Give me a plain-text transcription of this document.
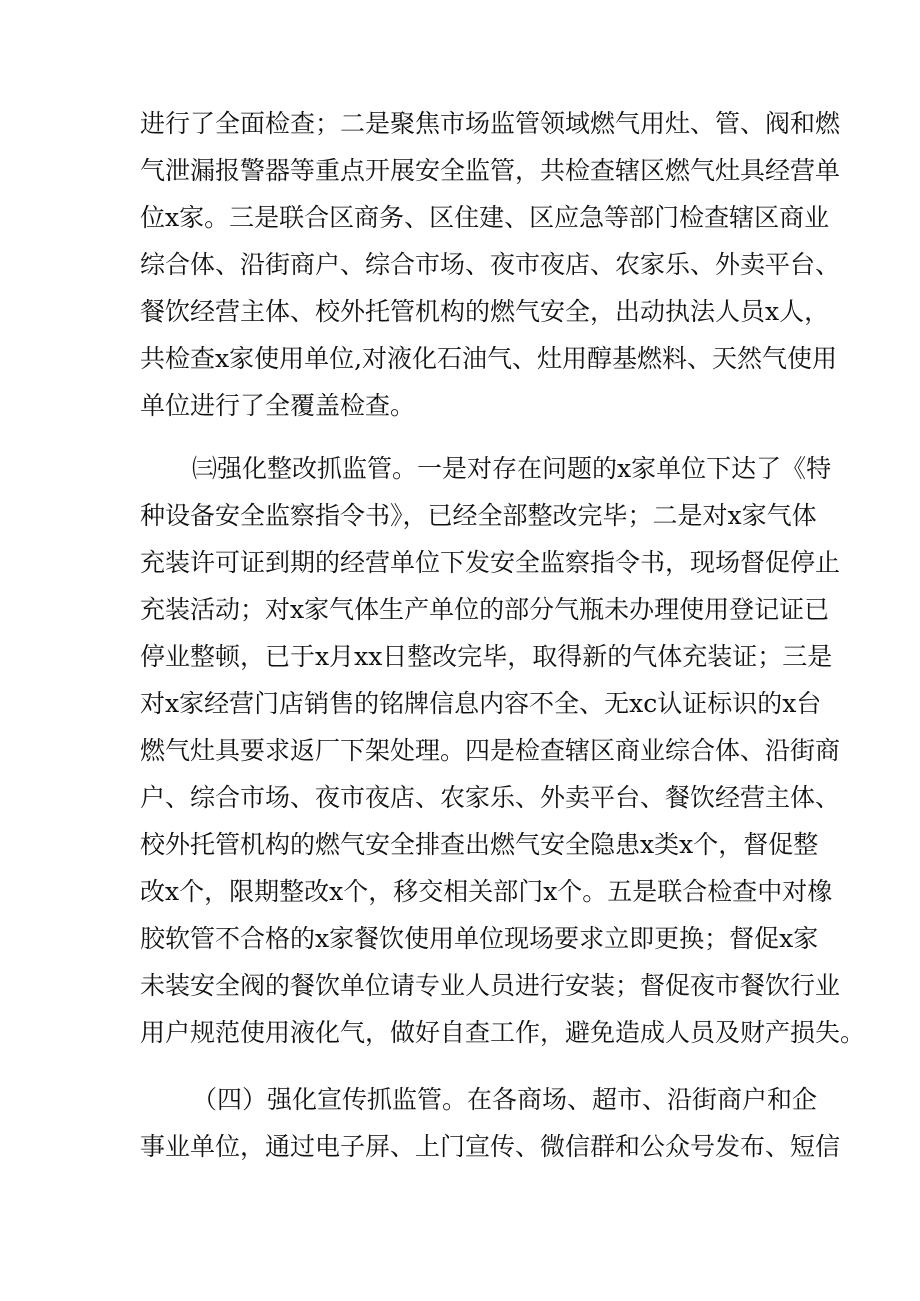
进行了全面检查；二是聚焦市场监管领域燃气用灶、管、阀和燃
气泄漏报警器等重点开展安全监管，共检查辖区燃气灶具经营单
位x家。三是联合区商务、区住建、区应急等部门检查辖区商业
综合体、沿街商户、综合市场、夜市夜店、农家乐、外卖平台、
餐饮经营主体、校外托管机构的燃气安全，出动执法人员x人，
共检查x家使用单位,对液化石油气、灶用醇基燃料、天然气使用
单位进行了全覆盖检查。
㈢强化整改抓监管。一是对存在问题的x家单位下达了《特
种设备安全监察指令书》，已经全部整改完毕；二是对x家气体
充装许可证到期的经营单位下发安全监察指令书，现场督促停止
充装活动；对x家气体生产单位的部分气瓶未办理使用登记证已
停业整顿，已于x月xx日整改完毕，取得新的气体充装证；三是
对x家经营门店销售的铭牌信息内容不全、无xc认证标识的x台
燃气灶具要求返厂下架处理。四是检查辖区商业综合体、沿街商
户、综合市场、夜市夜店、农家乐、外卖平台、餐饮经营主体、
校外托管机构的燃气安全排查出燃气安全隐患x类x个，督促整
改x个，限期整改x个，移交相关部门x个。五是联合检查中对橡
胶软管不合格的x家餐饮使用单位现场要求立即更换；督促x家
未装安全阀的餐饮单位请专业人员进行安装；督促夜市餐饮行业
用户规范使用液化气，做好自查工作，避免造成人员及财产损失。
（四）强化宣传抓监管。在各商场、超市、沿街商户和企
事业单位，通过电子屏、上门宣传、微信群和公众号发布、短信
